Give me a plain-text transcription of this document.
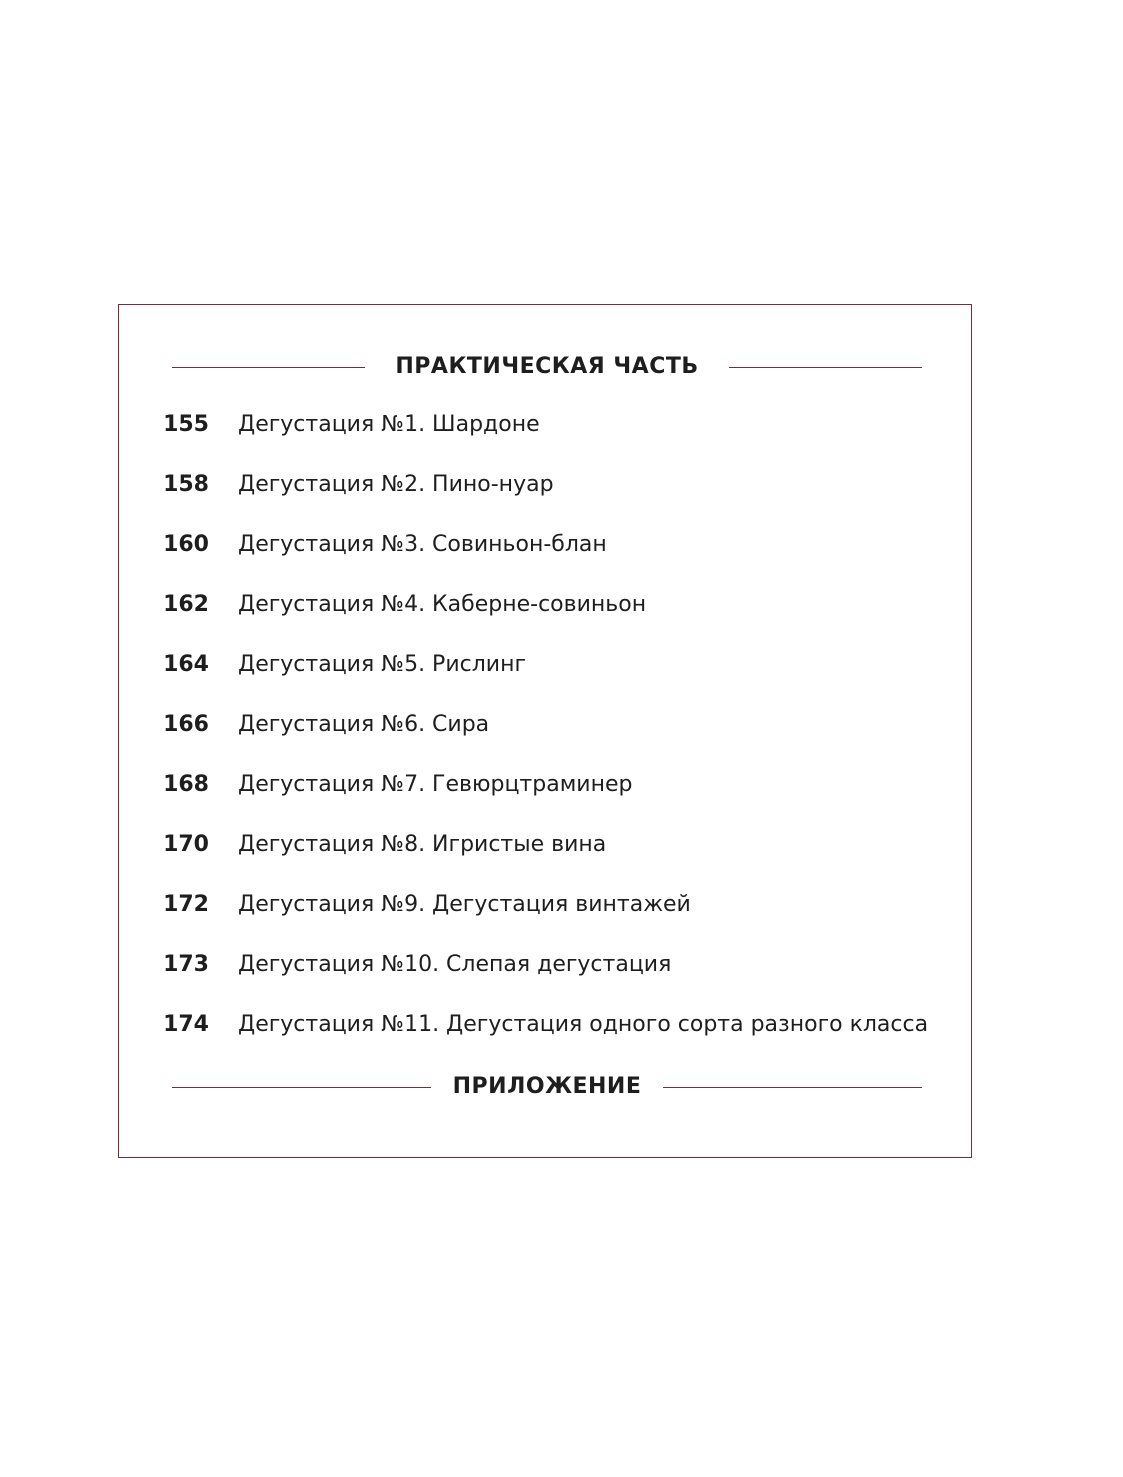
ПРАКТИЧЕСКАЯ ЧАСТЬ
155 Дегустация №1. Шардоне
158 Дегустация №2. Пино-нуар
160 Дегустация №3. Совиньон-блан
162 Дегустация №4. Каберне-совиньон
164 Дегустация №5. Рислинг
166 Дегустация №6. Сира
168 Дегустация №7. Гевюрцтраминер
170 Дегустация №8. Игристые вина
172 Дегустация №9. Дегустация винтажей
173 Дегустация №10. Слепая дегустация
174 Дегустация №11. Дегустация одного сорта разного класса
ПРИЛОЖЕНИЕ
